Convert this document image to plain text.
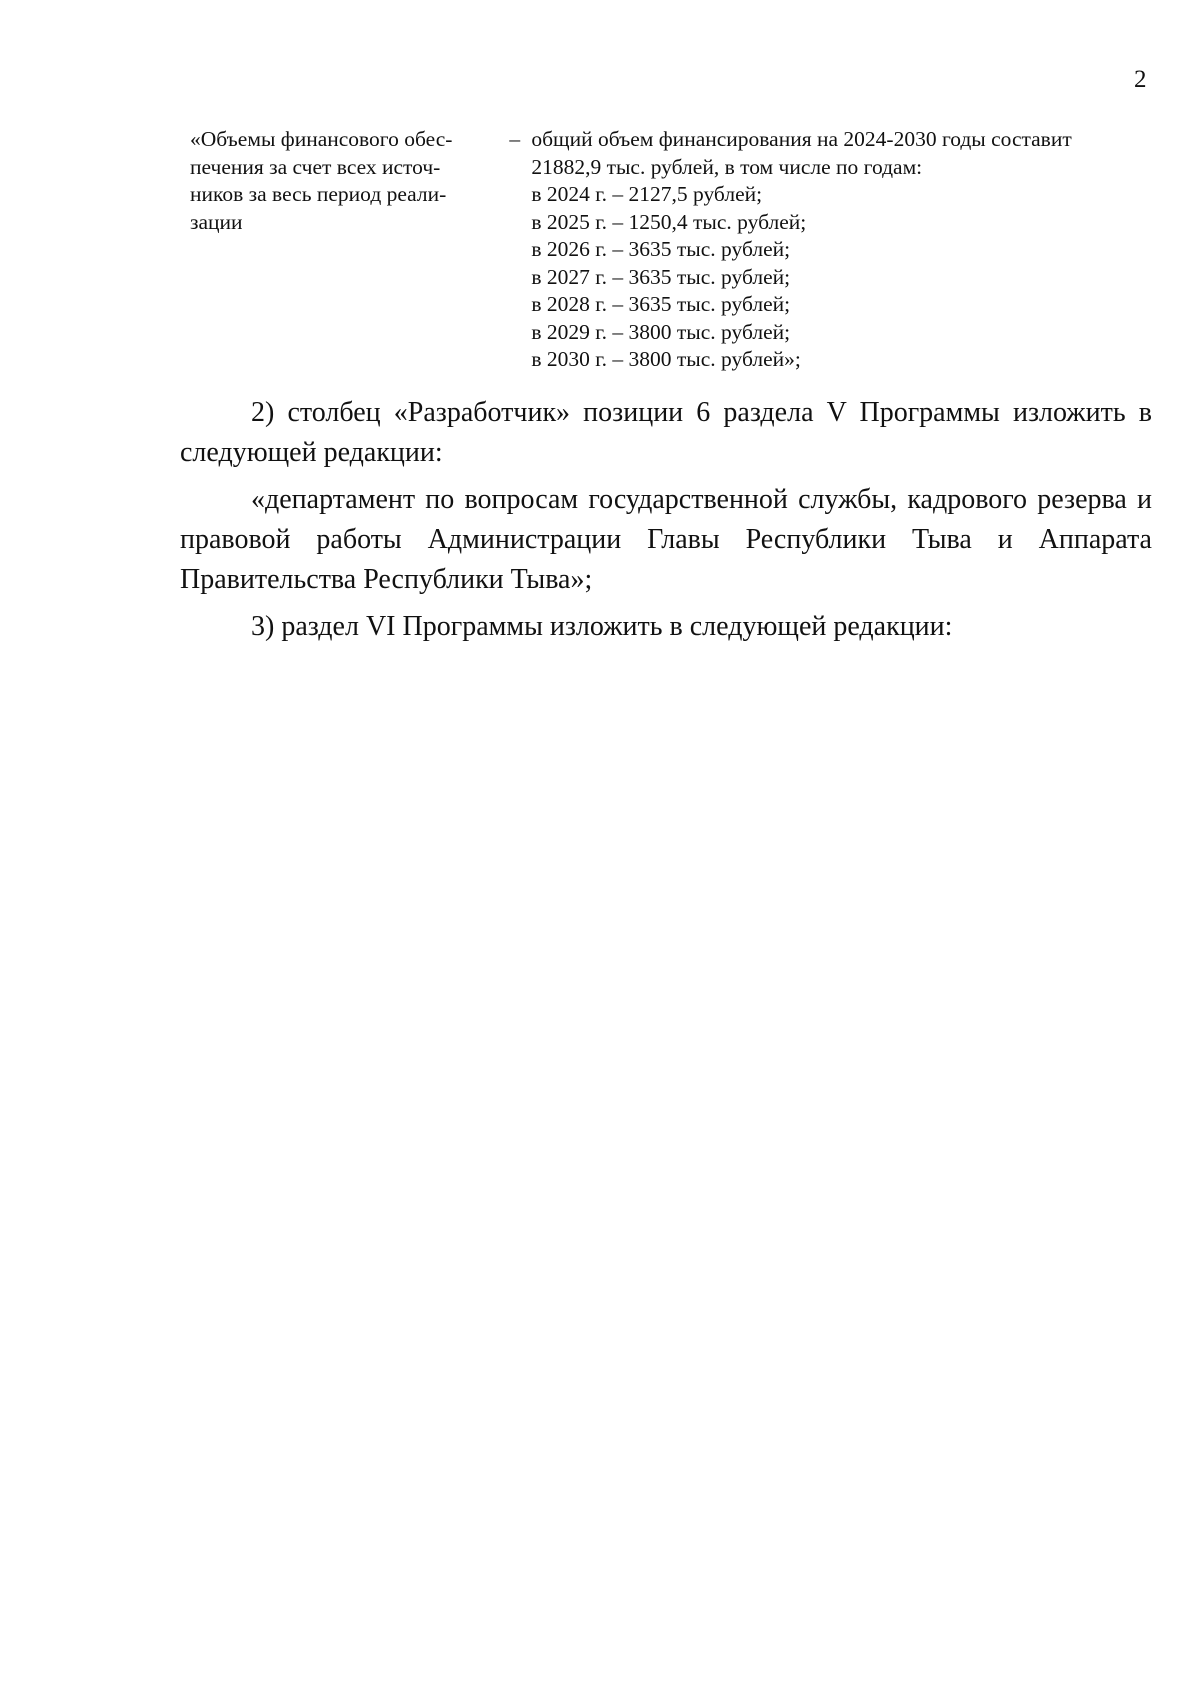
2
«Объемы финансового обес-
печения за счет всех источ-
ников за весь период реали-
зации
– общий объем финансирования на 2024-2030 годы составит
21882,9 тыс. рублей, в том числе по годам:
в 2024 г. – 2127,5 рублей;
в 2025 г. – 1250,4 тыс. рублей;
в 2026 г. – 3635 тыс. рублей;
в 2027 г. – 3635 тыс. рублей;
в 2028 г. – 3635 тыс. рублей;
в 2029 г. – 3800 тыс. рублей;
в 2030 г. – 3800 тыс. рублей»;

2) столбец «Разработчик» позиции 6 раздела V Программы изложить в следующей редакции:

«департамент по вопросам государственной службы, кадрового резерва и правовой работы Администрации Главы Республики Тыва и Аппарата Правительства Республики Тыва»;

3) раздел VI Программы изложить в следующей редакции:
